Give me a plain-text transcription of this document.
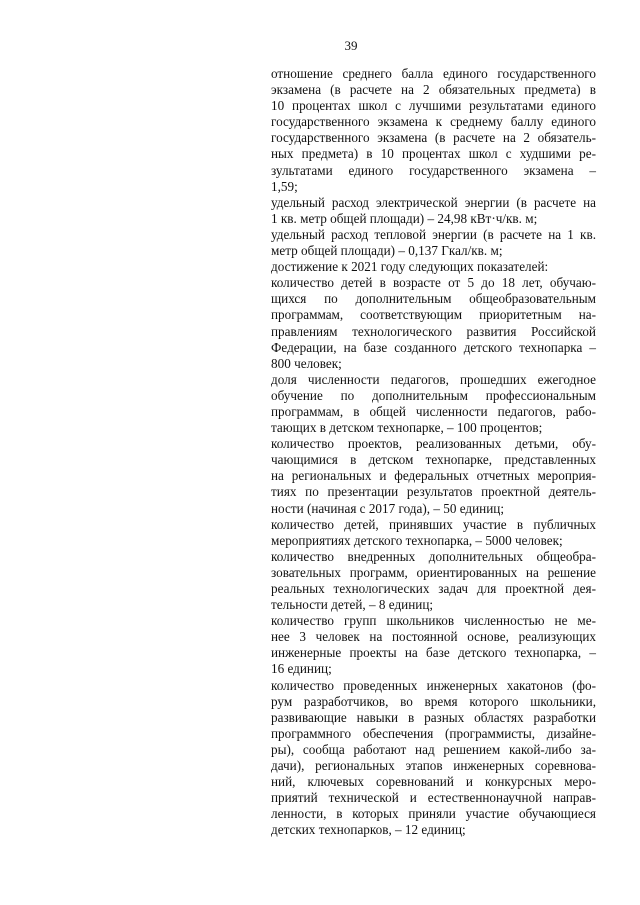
39
отношение среднего балла единого государственного
экзамена (в расчете на 2 обязательных предмета) в
10 процентах школ с лучшими результатами единого
государственного экзамена к среднему баллу единого
государственного экзамена (в расчете на 2 обязатель-
ных предмета) в 10 процентах школ с худшими ре-
зультатами единого государственного экзамена –
1,59;
удельный расход электрической энергии (в расчете на
1 кв. метр общей площади) – 24,98 кВт·ч/кв. м;
удельный расход тепловой энергии (в расчете на 1 кв.
метр общей площади) – 0,137 Гкал/кв. м;
достижение к 2021 году следующих показателей:
количество детей в возрасте от 5 до 18 лет, обучаю-
щихся по дополнительным общеобразовательным
программам, соответствующим приоритетным на-
правлениям технологического развития Российской
Федерации, на базе созданного детского технопарка –
800 человек;
доля численности педагогов, прошедших ежегодное
обучение по дополнительным профессиональным
программам, в общей численности педагогов, рабо-
тающих в детском технопарке, – 100 процентов;
количество проектов, реализованных детьми, обу-
чающимися в детском технопарке, представленных
на региональных и федеральных отчетных мероприя-
тиях по презентации результатов проектной деятель-
ности (начиная с 2017 года), – 50 единиц;
количество детей, принявших участие в публичных
мероприятиях детского технопарка, – 5000 человек;
количество внедренных дополнительных общеобра-
зовательных программ, ориентированных на решение
реальных технологических задач для проектной дея-
тельности детей, – 8 единиц;
количество групп школьников численностью не ме-
нее 3 человек на постоянной основе, реализующих
инженерные проекты на базе детского технопарка, –
16 единиц;
количество проведенных инженерных хакатонов (фо-
рум разработчиков, во время которого школьники,
развивающие навыки в разных областях разработки
программного обеспечения (программисты, дизайне-
ры), сообща работают над решением какой-либо за-
дачи), региональных этапов инженерных соревнова-
ний, ключевых соревнований и конкурсных меро-
приятий технической и естественнонаучной направ-
ленности, в которых приняли участие обучающиеся
детских технопарков, – 12 единиц;
